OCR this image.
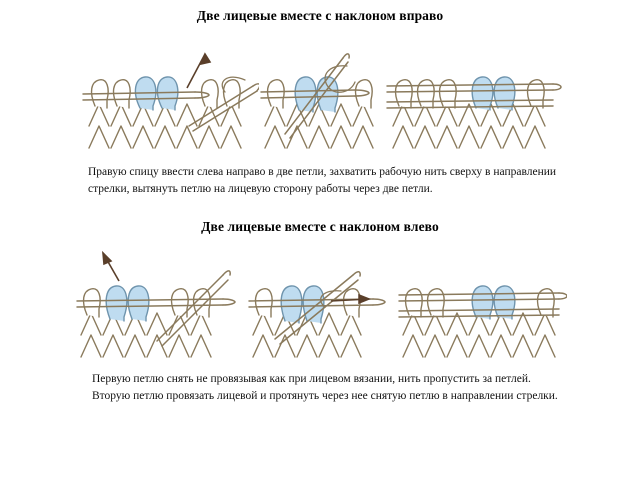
Две лицевые вместе с наклоном вправо
Правую спицу ввести слева направо в две петли, захватить рабочую нить сверху в направлении стрелки, вытянуть петлю на лицевую сторону работы через две петли.
Две лицевые вместе с наклоном влево
Первую петлю снять не провязывая как при лицевом вязании, нить пропустить за петлей. Вторую петлю провязать лицевой и протянуть через нее снятую петлю в направлении стрелки.
